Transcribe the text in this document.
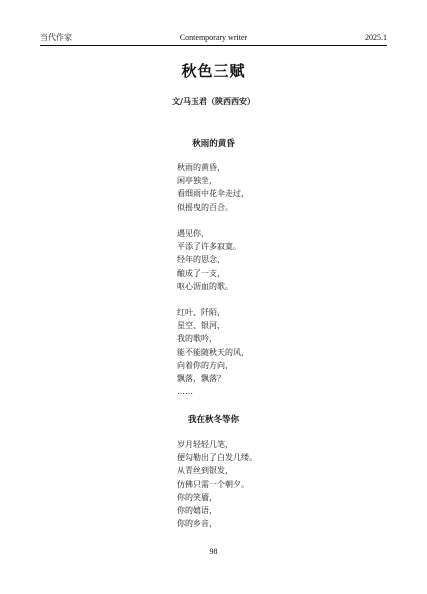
当代作家	Contemporary writer	2025.1
秋色三赋
文/马玉君（陕西西安）
秋雨的黄昏
秋雨的黄昏，
闲亭独坐，
看细雨中花伞走过，
似摇曳的百合。
遇见你，
平添了许多寂寞。
经年的思念，
酿成了一支，
呕心沥血的歌。
红叶、阡陌，
星空、银河，
我的歌吟，
能不能随秋天的风，
向着你的方向，
飘落，飘落？
……
我在秋冬等你
岁月轻轻几笔，
便勾勒出了白发几缕。
从青丝到银发，
仿佛只需一个朝夕。
你的笑靥，
你的嬉语，
你的乡音，
98
